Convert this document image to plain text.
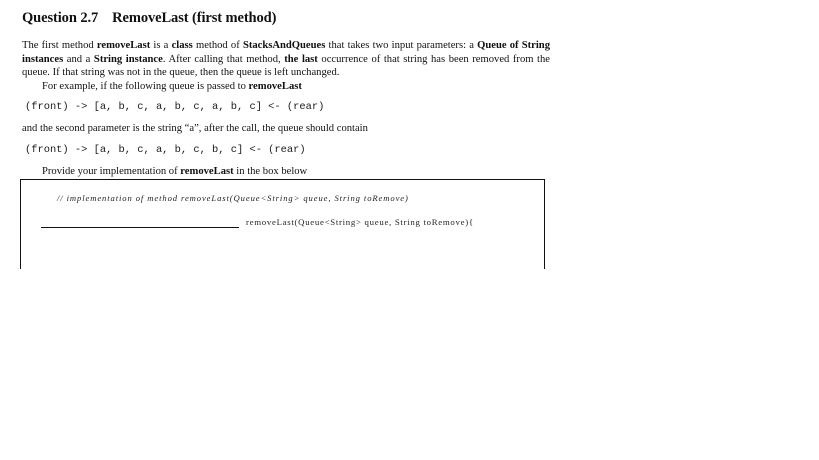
Question 2.7 RemoveLast (first method)

The first method removeLast is a class method of StacksAndQueues that takes two input parameters: a Queue of String instances and a String instance. After calling that method, the last occurrence of that string has been removed from the queue. If that string was not in the queue, then the queue is left unchanged.

For example, if the following queue is passed to removeLast

(front) -> [a, b, c, a, b, c, a, b, c] <- (rear)

and the second parameter is the string “a”, after the call, the queue should contain

(front) -> [a, b, c, a, b, c, b, c] <- (rear)

Provide your implementation of removeLast in the box below

// implementation of method removeLast(Queue<String> queue, String toRemove)
removeLast(Queue<String> queue, String toRemove){
